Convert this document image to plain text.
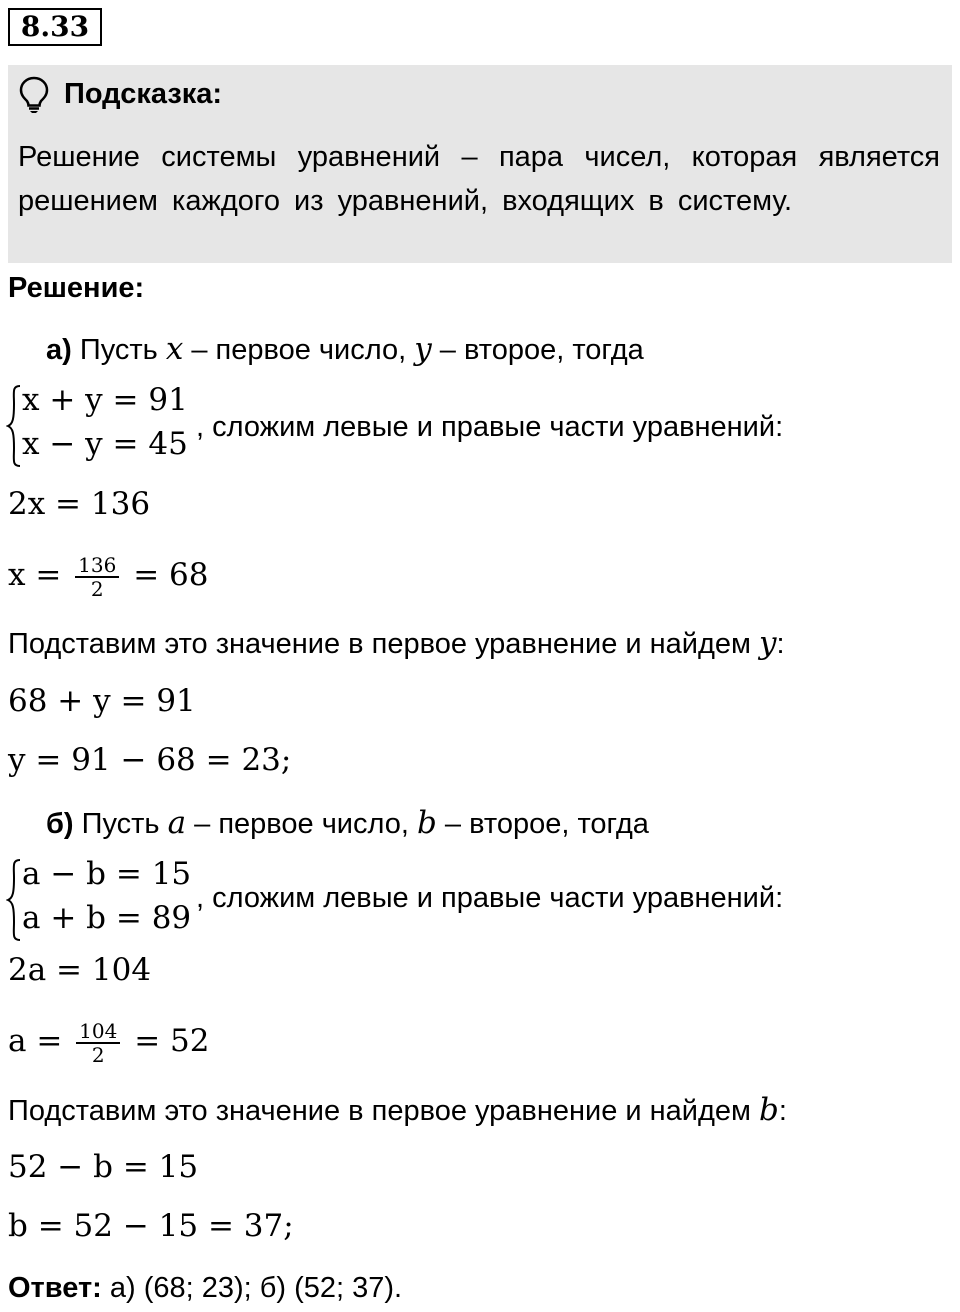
8.33
Подсказка:
Решение системы уравнений – пара чисел, которая является решением каждого из уравнений, входящих в систему.
Решение:
а) Пусть x – первое число, y – второе, тогда
x + y = 91
x − y = 45 , сложим левые и правые части уравнений:
2x = 136
$x = \frac{136}{2} = 68$
Подставим это значение в первое уравнение и найдем y:
68 + y = 91
y = 91 − 68 = 23;
б) Пусть a – первое число, b – второе, тогда
a − b = 15
a + b = 89
, сложим левые и правые части уравнений:
2a = 104
$a = \frac{104}{2} = 52$
Подставим это значение в первое уравнение и найдем b:
52 − b = 15
b = 52 − 15 = 37;
Ответ: а) (68; 23); б) (52; 37).
